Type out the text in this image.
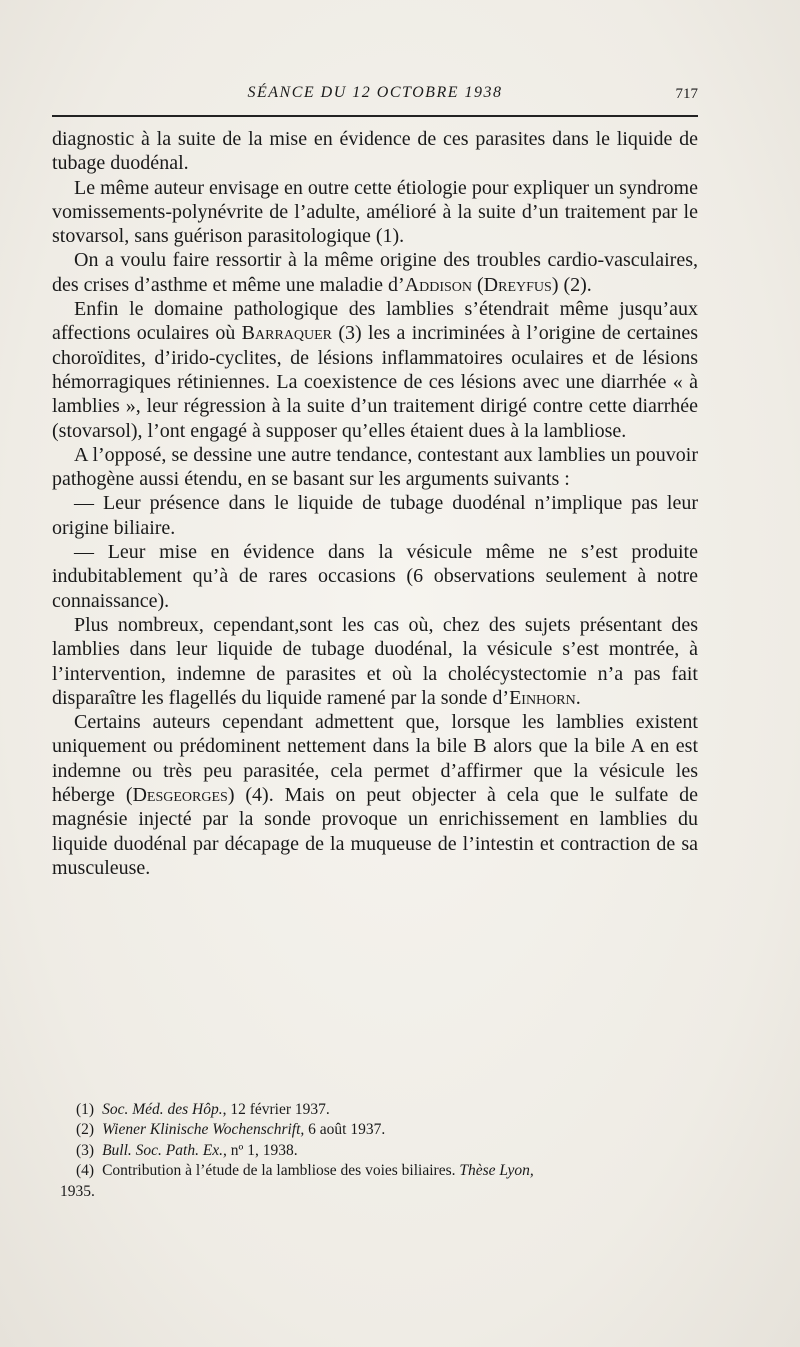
SÉANCE DU 12 OCTOBRE 1938	717

diagnostic à la suite de la mise en évidence de ces parasites dans le liquide de tubage duodénal.

Le même auteur envisage en outre cette étiologie pour expliquer un syndrome vomissements-polynévrite de l’adulte, amélioré à la suite d’un traitement par le stovarsol, sans guérison parasitologique (1).

On a voulu faire ressortir à la même origine des troubles cardio-vasculaires, des crises d’asthme et même une maladie d’Addison (Dreyfus) (2).

Enfin le domaine pathologique des lamblies s’étendrait même jusqu’aux affections oculaires où Barraquer (3) les a incriminées à l’origine de certaines choroïdites, d’irido-cyclites, de lésions inflammatoires oculaires et de lésions hémorragiques rétiniennes. La coexistence de ces lésions avec une diarrhée « à lamblies », leur régression à la suite d’un traitement dirigé contre cette diarrhée (stovarsol), l’ont engagé à supposer qu’elles étaient dues à la lambliose.

A l’opposé, se dessine une autre tendance, contestant aux lamblies un pouvoir pathogène aussi étendu, en se basant sur les arguments suivants :

— Leur présence dans le liquide de tubage duodénal n’implique pas leur origine biliaire.

— Leur mise en évidence dans la vésicule même ne s’est produite indubitablement qu’à de rares occasions (6 observations seulement à notre connaissance).

Plus nombreux, cependant,sont les cas où, chez des sujets présentant des lamblies dans leur liquide de tubage duodénal, la vésicule s’est montrée, à l’intervention, indemne de parasites et où la cholécystectomie n’a pas fait disparaître les flagellés du liquide ramené par la sonde d’Einhorn.

Certains auteurs cependant admettent que, lorsque les lamblies existent uniquement ou prédominent nettement dans la bile B alors que la bile A en est indemne ou très peu parasitée, cela permet d’affirmer que la vésicule les héberge (Desgeorges) (4). Mais on peut objecter à cela que le sulfate de magnésie injecté par la sonde provoque un enrichissement en lamblies du liquide duodénal par décapage de la muqueuse de l’intestin et contraction de sa musculeuse.

(1) Soc. Méd. des Hôp., 12 février 1937.

(2) Wiener Klinische Wochenschrift, 6 août 1937.

(3) Bull. Soc. Path. Ex., nº 1, 1938.

(4) Contribution à l’étude de la lambliose des voies biliaires. Thèse Lyon,
1935.
